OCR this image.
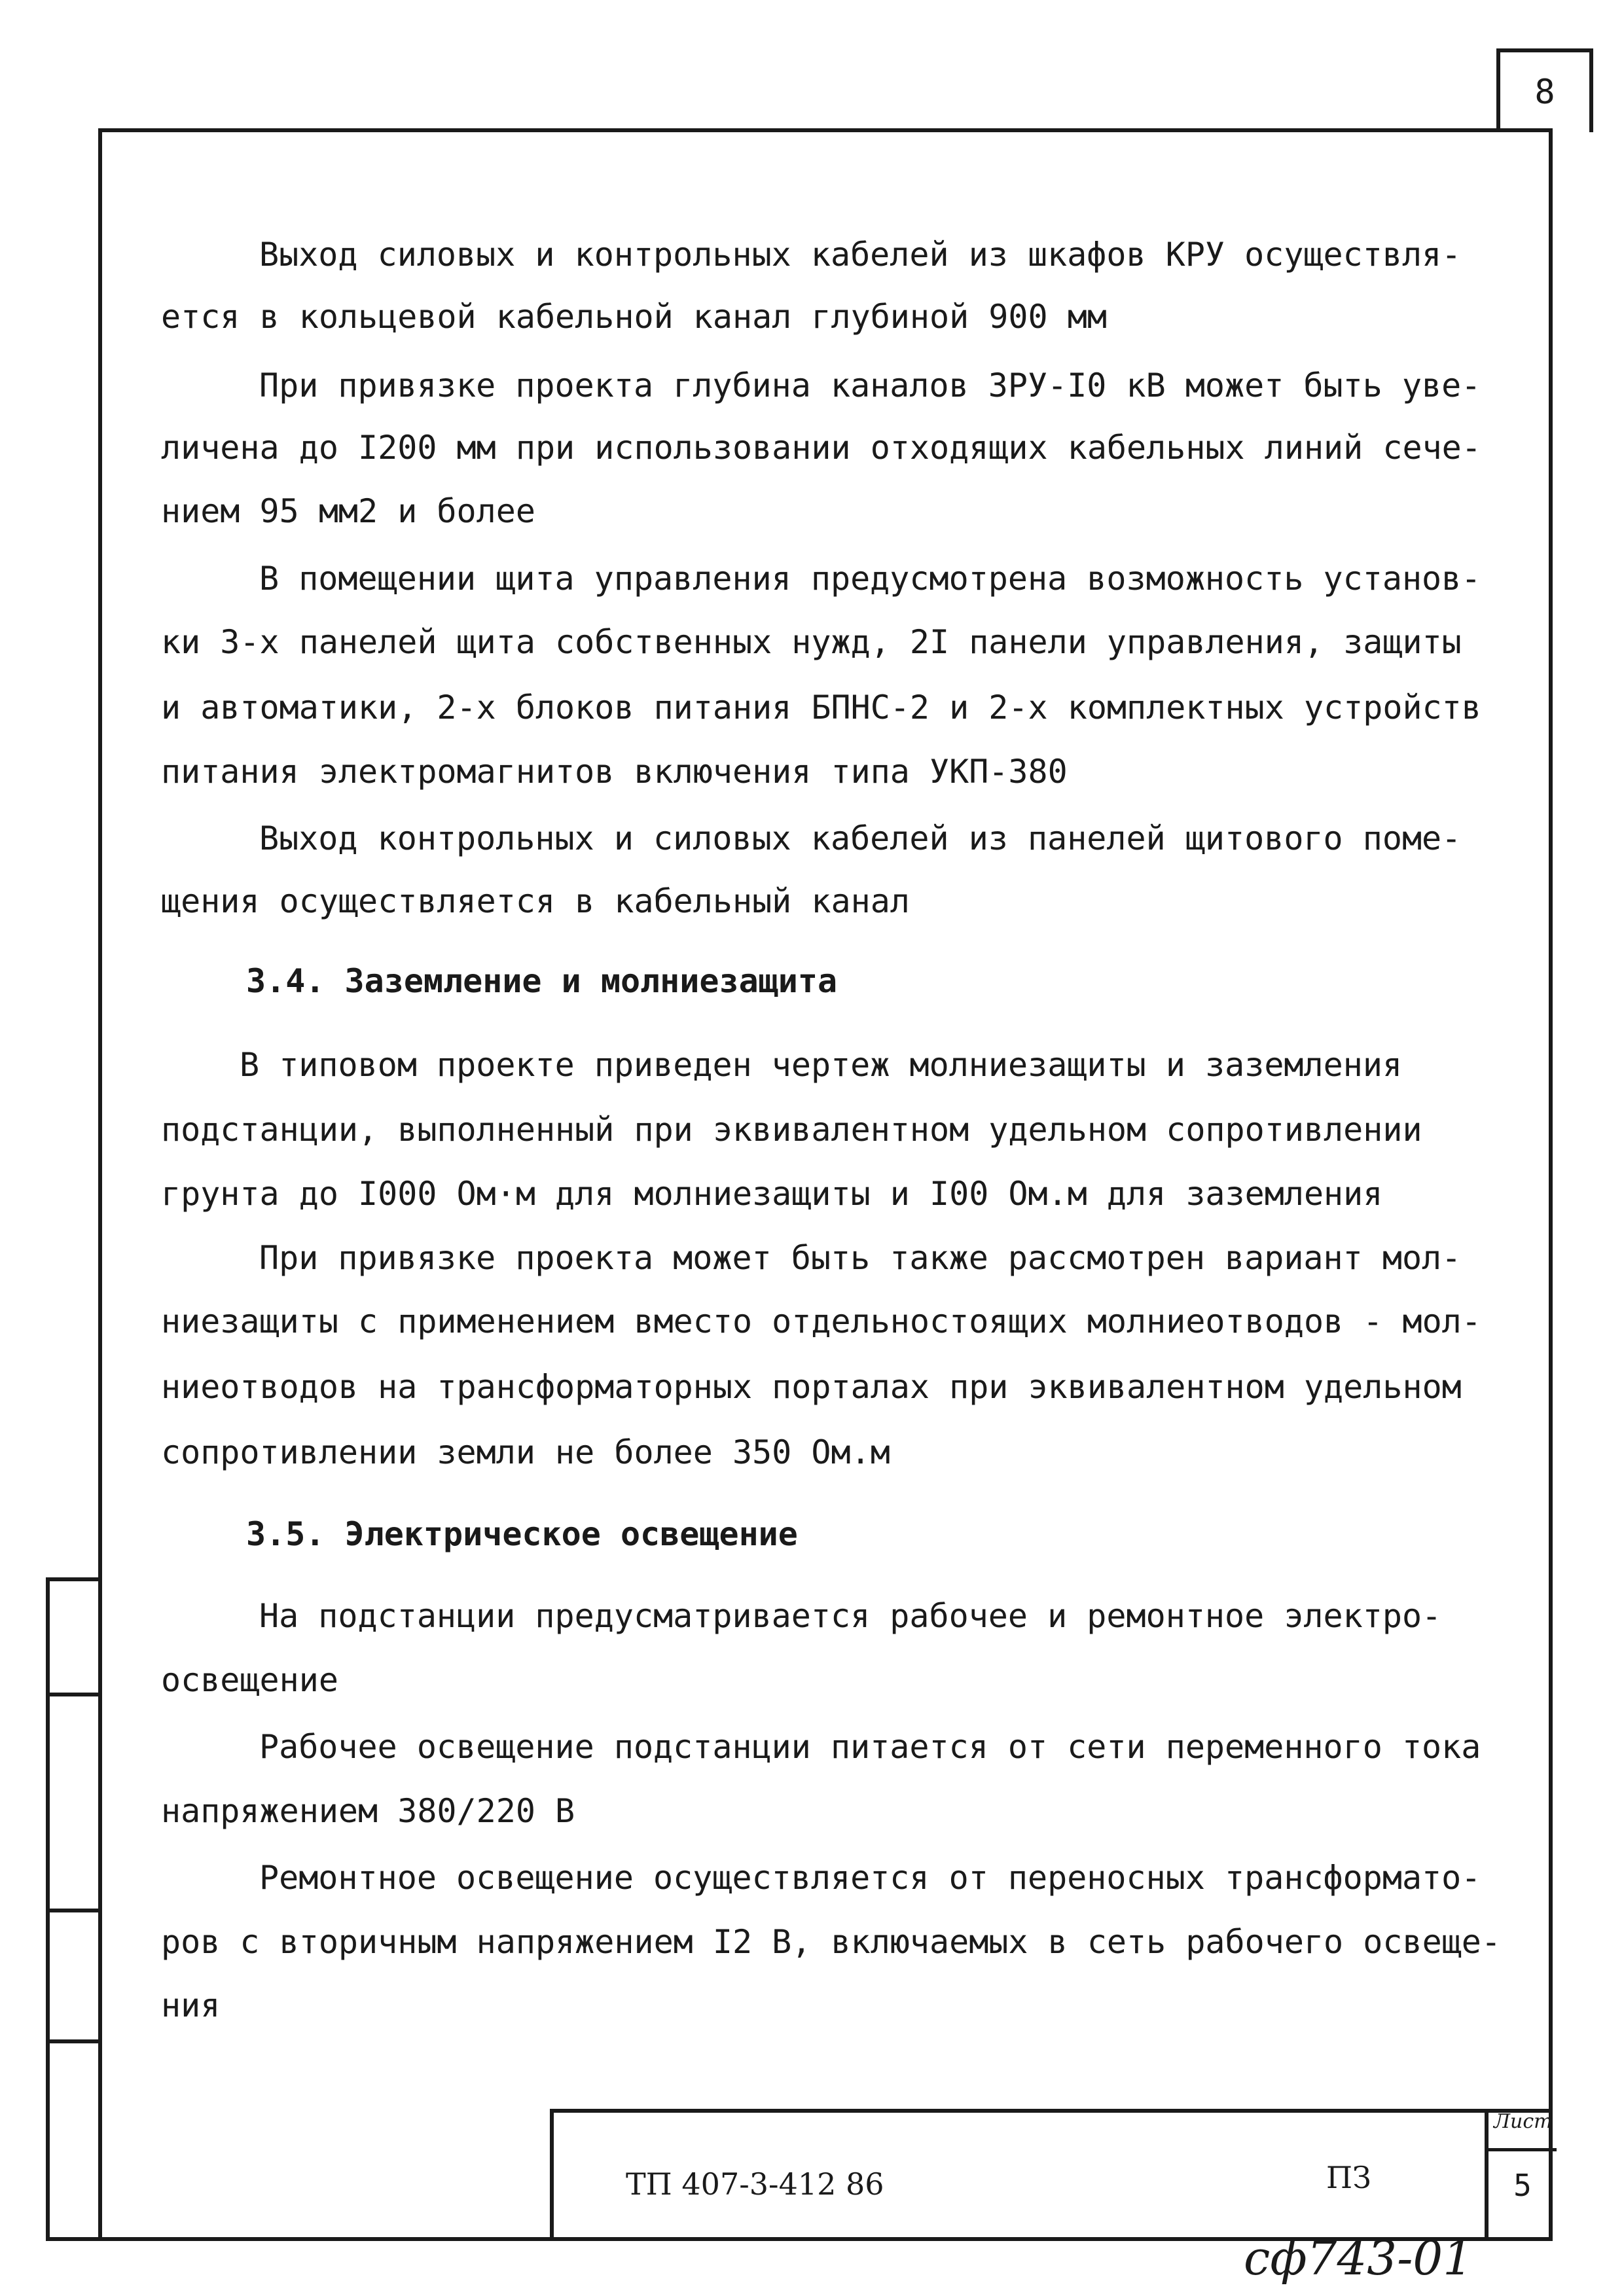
8
Выход силовых и контрольных кабелей из шкафов КРУ осуществля-
ется в кольцевой кабельной канал глубиной 900 мм
При привязке проекта глубина каналов ЗРУ-I0 кВ может быть уве-
личена до I200 мм при использовании отходящих кабельных линий сече-
нием 95 мм2 и более
В помещении щита управления предусмотрена возможность установ-
ки 3-х панелей щита собственных нужд, 2I панели управления, защиты
и автоматики, 2-х блоков питания БПНС-2 и 2-х комплектных устройств
питания электромагнитов включения типа УКП-380
Выход контрольных и силовых кабелей из панелей щитового поме-
щения осуществляется в кабельный канал
3.4. Заземление и молниезащита
В типовом проекте приведен чертеж молниезащиты и заземления
подстанции, выполненный при эквивалентном удельном сопротивлении
грунта до I000 Ом·м для молниезащиты и I00 Ом.м для заземления
При привязке проекта может быть также рассмотрен вариант мол-
ниезащиты с применением вместо отдельностоящих молниеотводов - мол-
ниеотводов на трансформаторных порталах при эквивалентном удельном
сопротивлении земли не более 350 Ом.м
3.5. Электрическое освещение
На подстанции предусматривается рабочее и ремонтное электро-
освещение
Рабочее освещение подстанции питается от сети переменного тока
напряжением 380/220 В
Ремонтное освещение осуществляется от переносных трансформато-
ров с вторичным напряжением I2 В, включаемых в сеть рабочего освеще-
ния
ТП 407-3-412 86	ПЗ
Лист
5
сф743-01
